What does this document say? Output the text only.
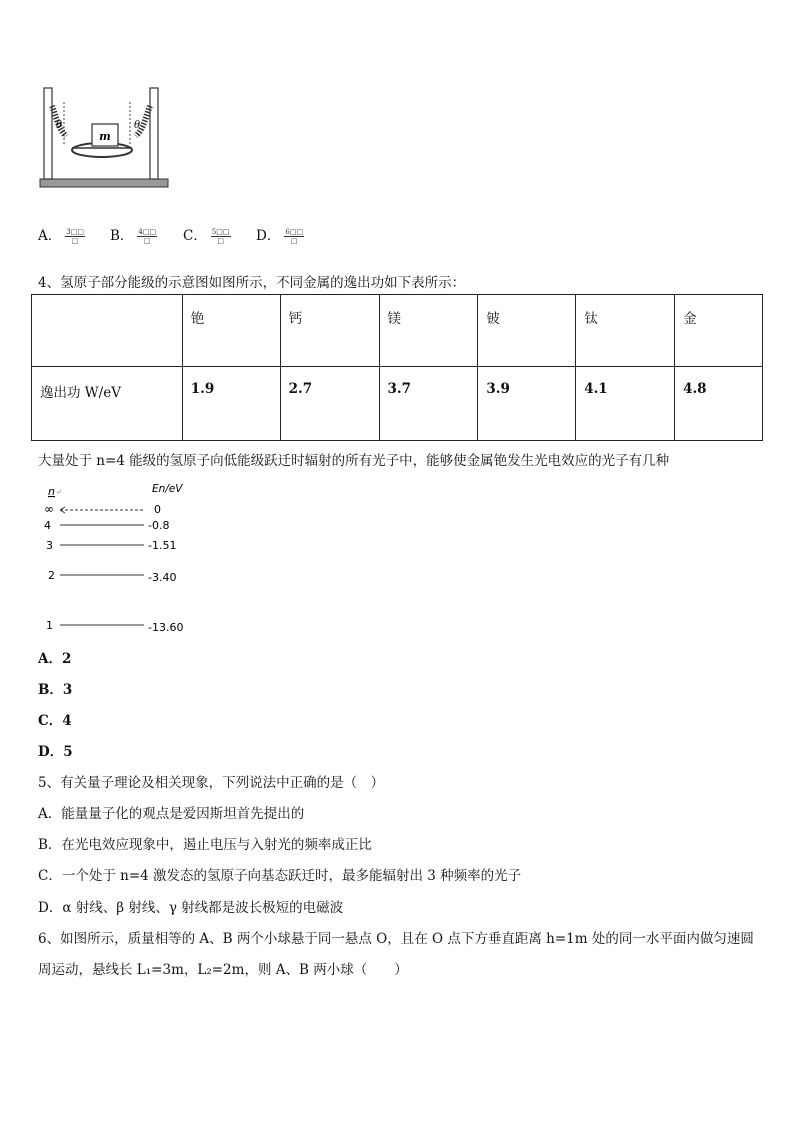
m
θ	θ
A． $\frac{3□□}{□}$ B． $\frac{4□□}{□}$ C． $\frac{5□□}{□}$ D． $\frac{6□□}{□}$
4、氢原子部分能级的示意图如图所示，不同金属的逸出功如下表所示：
	铯	钙	镁	铍	钛	金
逸出功 W/eV	1.9	2.7	3.7	3.9	4.1	4.8
大量处于 n=4 能级的氢原子向低能级跃迁时辐射的所有光子中，能够使金属铯发生光电效应的光子有几种
n ↵	En/eV
∞	0
4	-0.8
3	-1.51
2	-3.40
1	-13.60
A．2
B．3
C．4
D．5
5、有关量子理论及相关现象，下列说法中正确的是（　）
A．能量量子化的观点是爱因斯坦首先提出的
B．在光电效应现象中，遏止电压与入射光的频率成正比
C．一个处于 n=4 激发态的氢原子向基态跃迁时，最多能辐射出 3 种频率的光子
D．α 射线、β 射线、γ 射线都是波长极短的电磁波
6、如图所示，质量相等的 A、B 两个小球悬于同一悬点 O，且在 O 点下方垂直距离 h=1m 处的同一水平面内做匀速圆
周运动，悬线长 L₁=3m，L₂=2m，则 A、B 两小球（　　）
